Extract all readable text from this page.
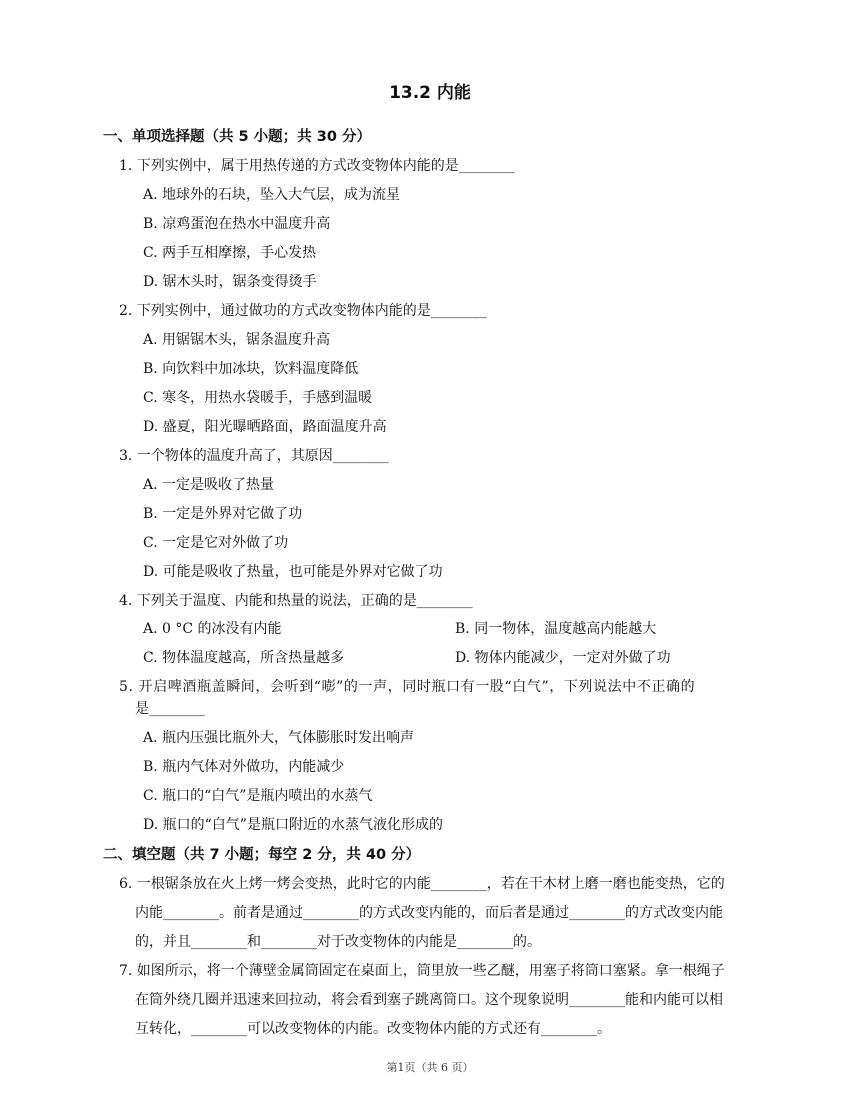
13.2 内能
一、单项选择题（共 5 小题；共 30 分）
1. 下列实例中，属于用热传递的方式改变物体内能的是________
A. 地球外的石块，坠入大气层，成为流星
B. 凉鸡蛋泡在热水中温度升高
C. 两手互相摩擦，手心发热
D. 锯木头时，锯条变得烫手
2. 下列实例中，通过做功的方式改变物体内能的是________
A. 用锯锯木头，锯条温度升高
B. 向饮料中加冰块，饮料温度降低
C. 寒冬，用热水袋暖手，手感到温暖
D. 盛夏，阳光曝晒路面，路面温度升高
3. 一个物体的温度升高了，其原因________
A. 一定是吸收了热量
B. 一定是外界对它做了功
C. 一定是它对外做了功
D. 可能是吸收了热量，也可能是外界对它做了功
4. 下列关于温度、内能和热量的说法，正确的是________
A. 0 °C 的冰没有内能	B. 同一物体，温度越高内能越大
C. 物体温度越高，所含热量越多	D. 物体内能减少，一定对外做了功
5. 开启啤酒瓶盖瞬间，会听到“嘭”的一声，同时瓶口有一股“白气”，下列说法中不正确的
是________
A. 瓶内压强比瓶外大，气体膨胀时发出响声
B. 瓶内气体对外做功，内能减少
C. 瓶口的“白气”是瓶内喷出的水蒸气
D. 瓶口的“白气”是瓶口附近的水蒸气液化形成的
二、填空题（共 7 小题；每空 2 分，共 40 分）
6. 一根锯条放在火上烤一烤会变热，此时它的内能________，若在干木材上磨一磨也能变热，它的
内能________。前者是通过________的方式改变内能的，而后者是通过________的方式改变内能
的，并且________和________对于改变物体的内能是________的。
7. 如图所示，将一个薄壁金属筒固定在桌面上，筒里放一些乙醚，用塞子将筒口塞紧。拿一根绳子
在筒外绕几圈并迅速来回拉动，将会看到塞子跳离筒口。这个现象说明________能和内能可以相
互转化，________可以改变物体的内能。改变物体内能的方式还有________。
第1页（共 6 页）
